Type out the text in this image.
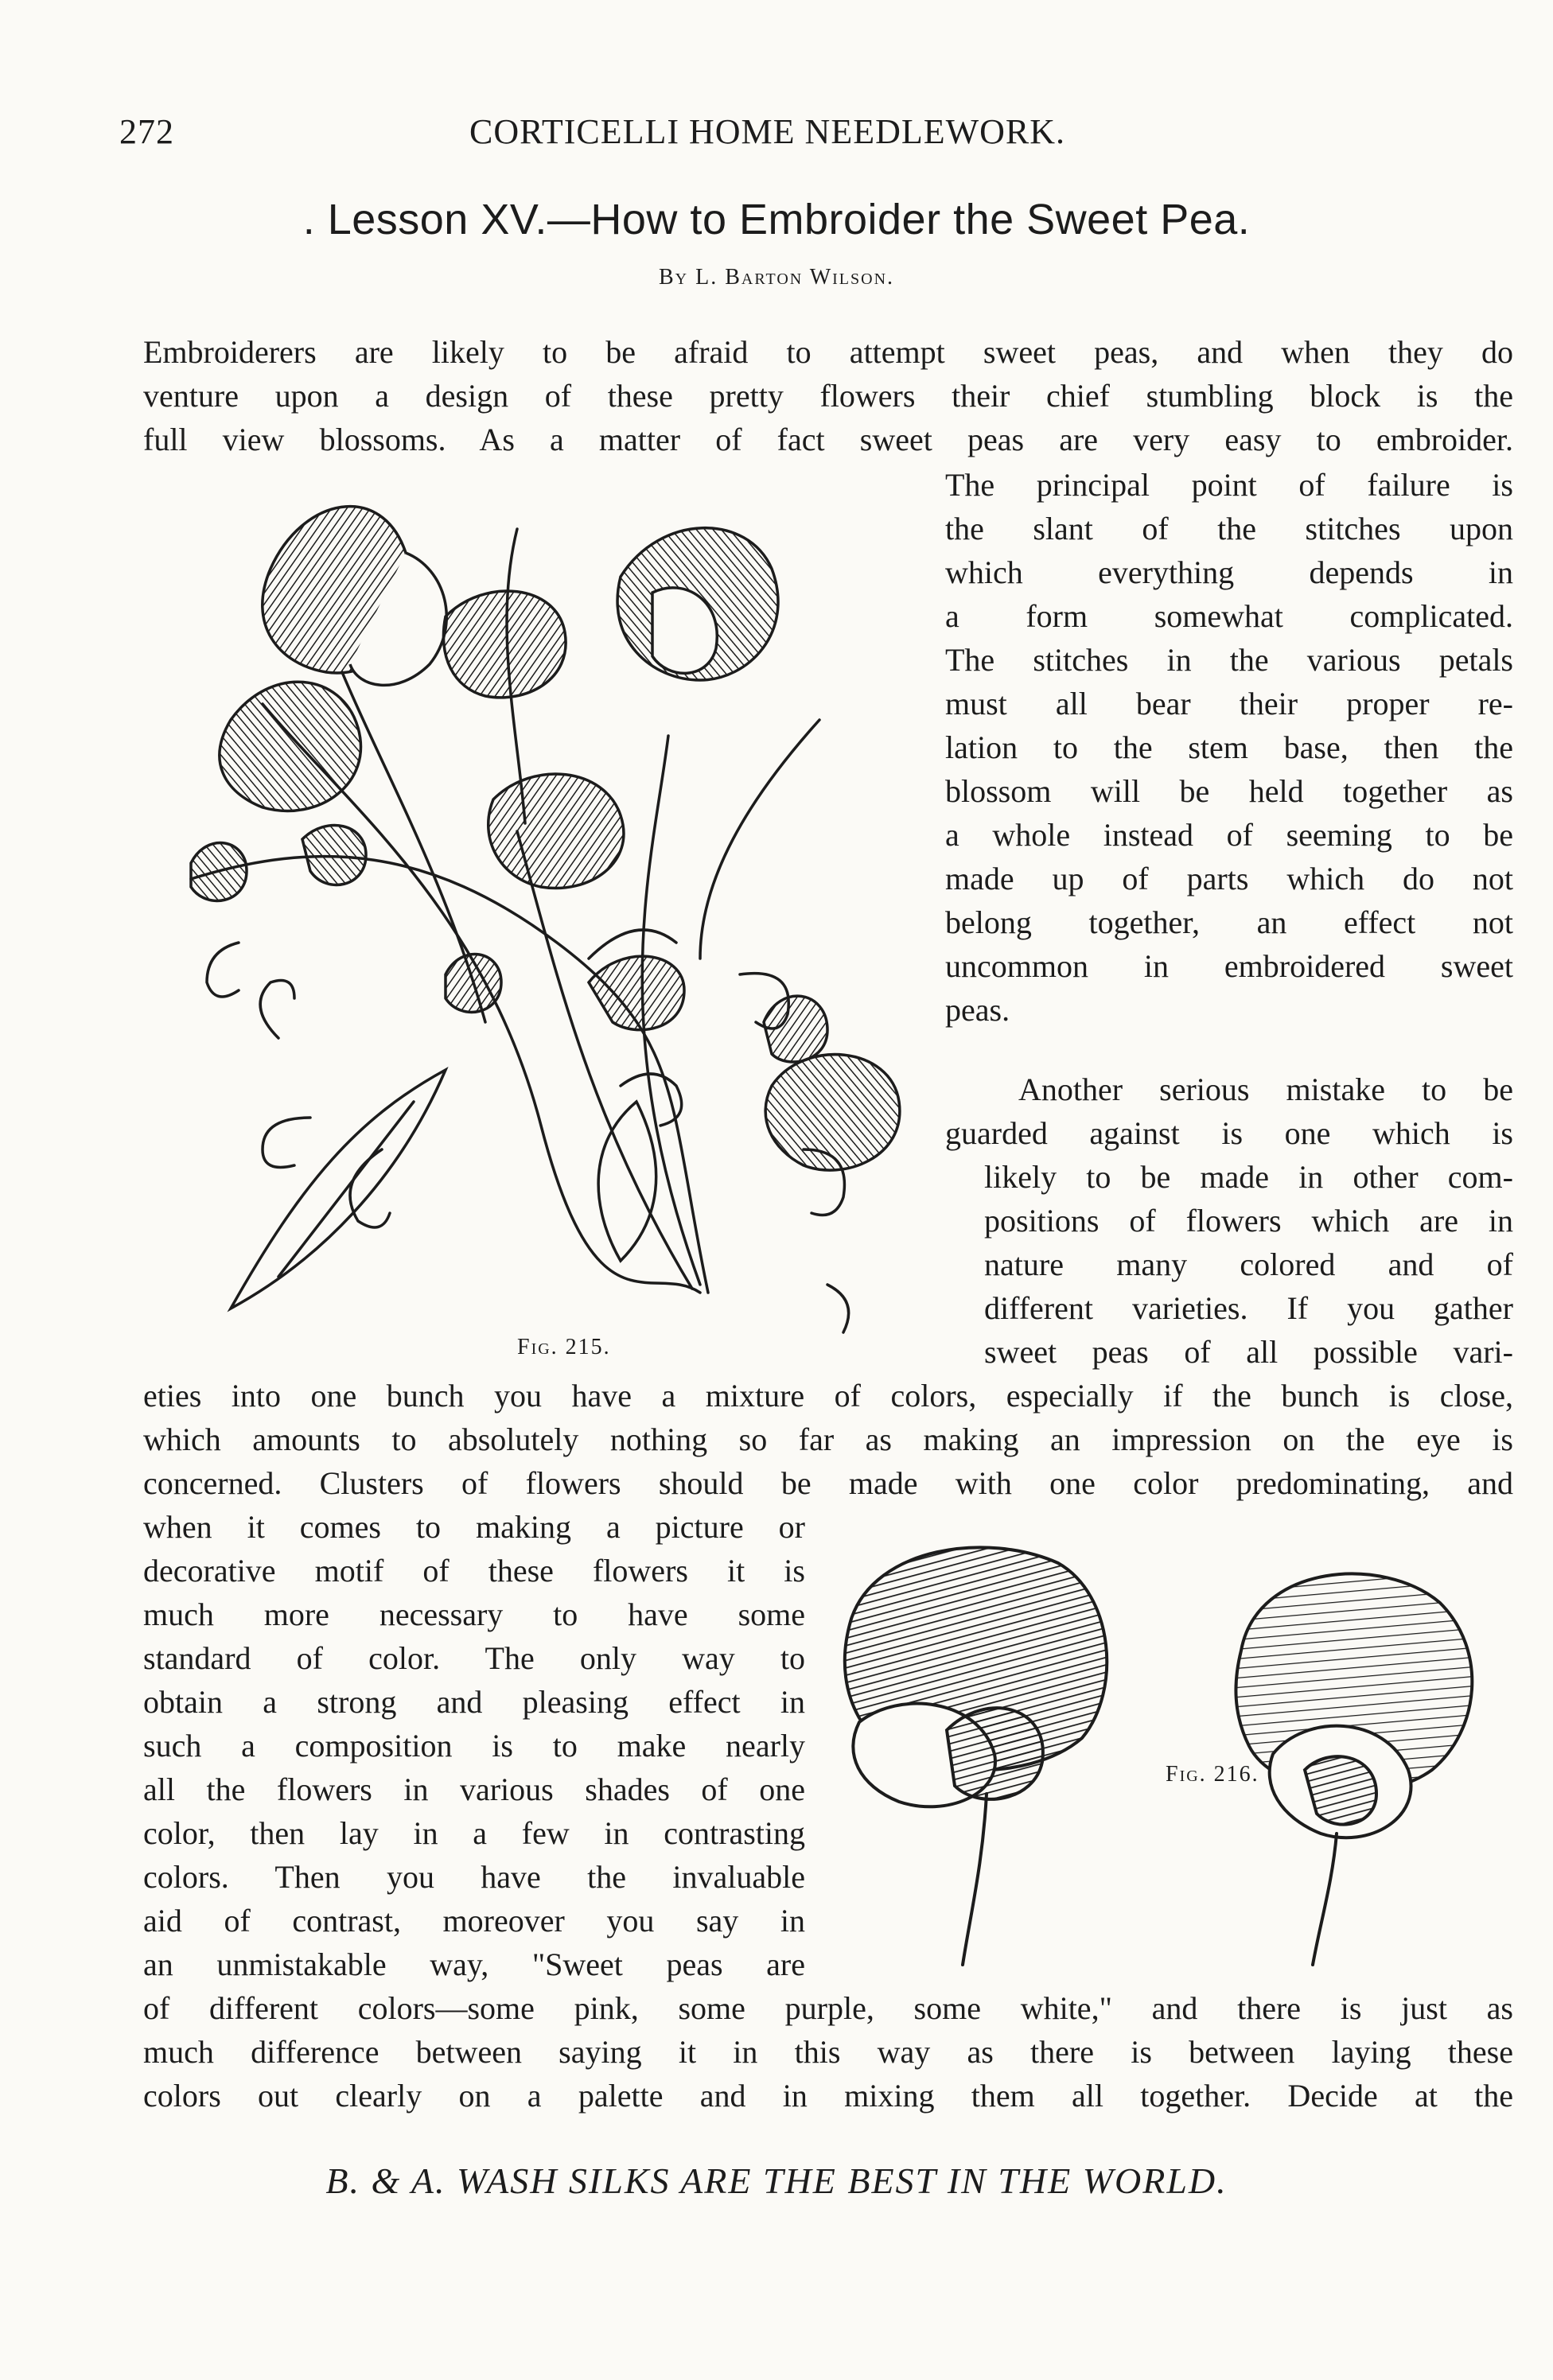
272	CORTICELLI HOME NEEDLEWORK.
. Lesson XV.—How to Embroider the Sweet Pea.
By L. Barton Wilson.
Embroiderers are likely to be afraid to attempt sweet peas, and when they do
venture upon a design of these pretty flowers their chief stumbling block is the
full view blossoms. As a matter of fact sweet peas are very easy to embroider.
The principal point of failure is
the slant of the stitches upon
which everything depends in
a form somewhat complicated.
The stitches in the various petals
must all bear their proper re-
lation to the stem base, then the
blossom will be held together as
a whole instead of seeming to be
made up of parts which do not
belong together, an effect not
uncommon in embroidered sweet
peas.
Another serious mistake to be
guarded against is one which is
likely to be made in other com-
positions of flowers which are in
nature many colored and of
different varieties. If you gather
sweet peas of all possible vari-
eties into one bunch you have a mixture of colors, especially if the bunch is close,
which amounts to absolutely nothing so far as making an impression on the eye is
concerned. Clusters of flowers should be made with one color predominating, and
when it comes to making a picture or
decorative motif of these flowers it is
much more necessary to have some
standard of color. The only way to
obtain a strong and pleasing effect in
such a composition is to make nearly
all the flowers in various shades of one
color, then lay in a few in contrasting
colors. Then you have the invaluable
aid of contrast, moreover you say in
an unmistakable way, "Sweet peas are
of different colors—some pink, some purple, some white," and there is just as
much difference between saying it in this way as there is between laying these
colors out clearly on a palette and in mixing them all together. Decide at the
Fig. 215.
Fig. 216.
B. & A. WASH SILKS ARE THE BEST IN THE WORLD.
